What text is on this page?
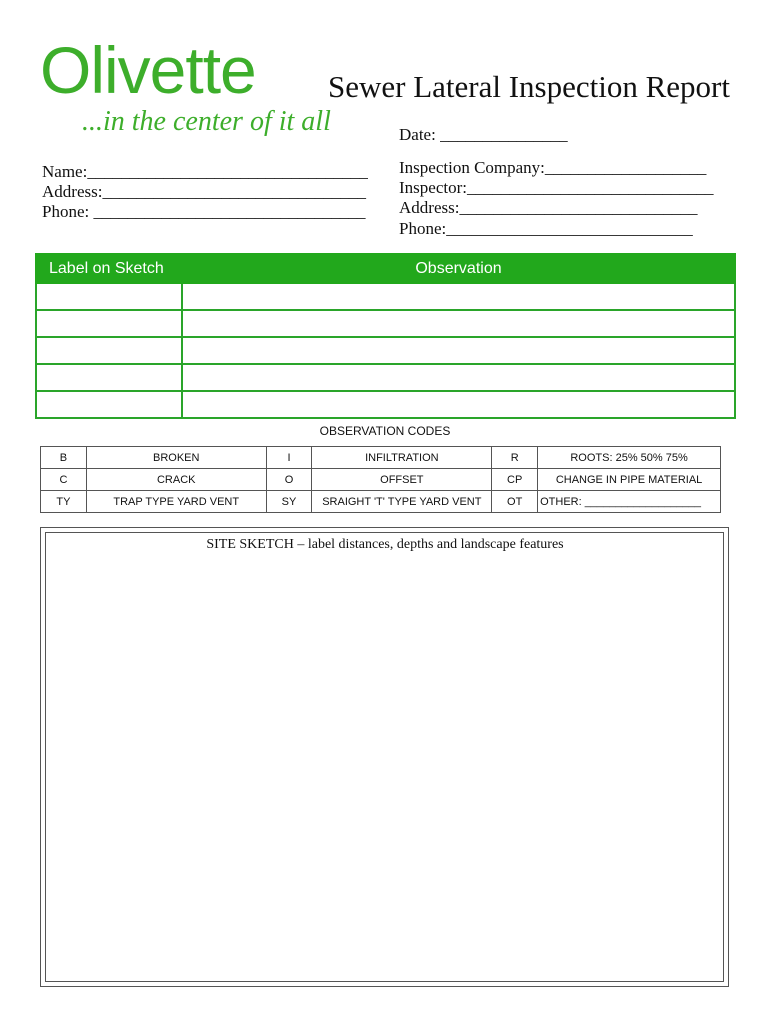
Olivette
...in the center of it all
Sewer Lateral Inspection Report
Date: _______________
Name:_________________________________
Address:_______________________________
Phone: ________________________________
Inspection Company:___________________
Inspector:_____________________________
Address:____________________________
Phone:_____________________________
Label on Sketch	Observation

OBSERVATION CODES
B	BROKEN	I	INFILTRATION	R	ROOTS: 25% 50% 75%
C	CRACK	O	OFFSET	CP	CHANGE IN PIPE MATERIAL
TY	TRAP TYPE YARD VENT	SY	SRAIGHT 'T' TYPE YARD VENT	OT	OTHER: ___________________
SITE SKETCH – label distances, depths and landscape features
